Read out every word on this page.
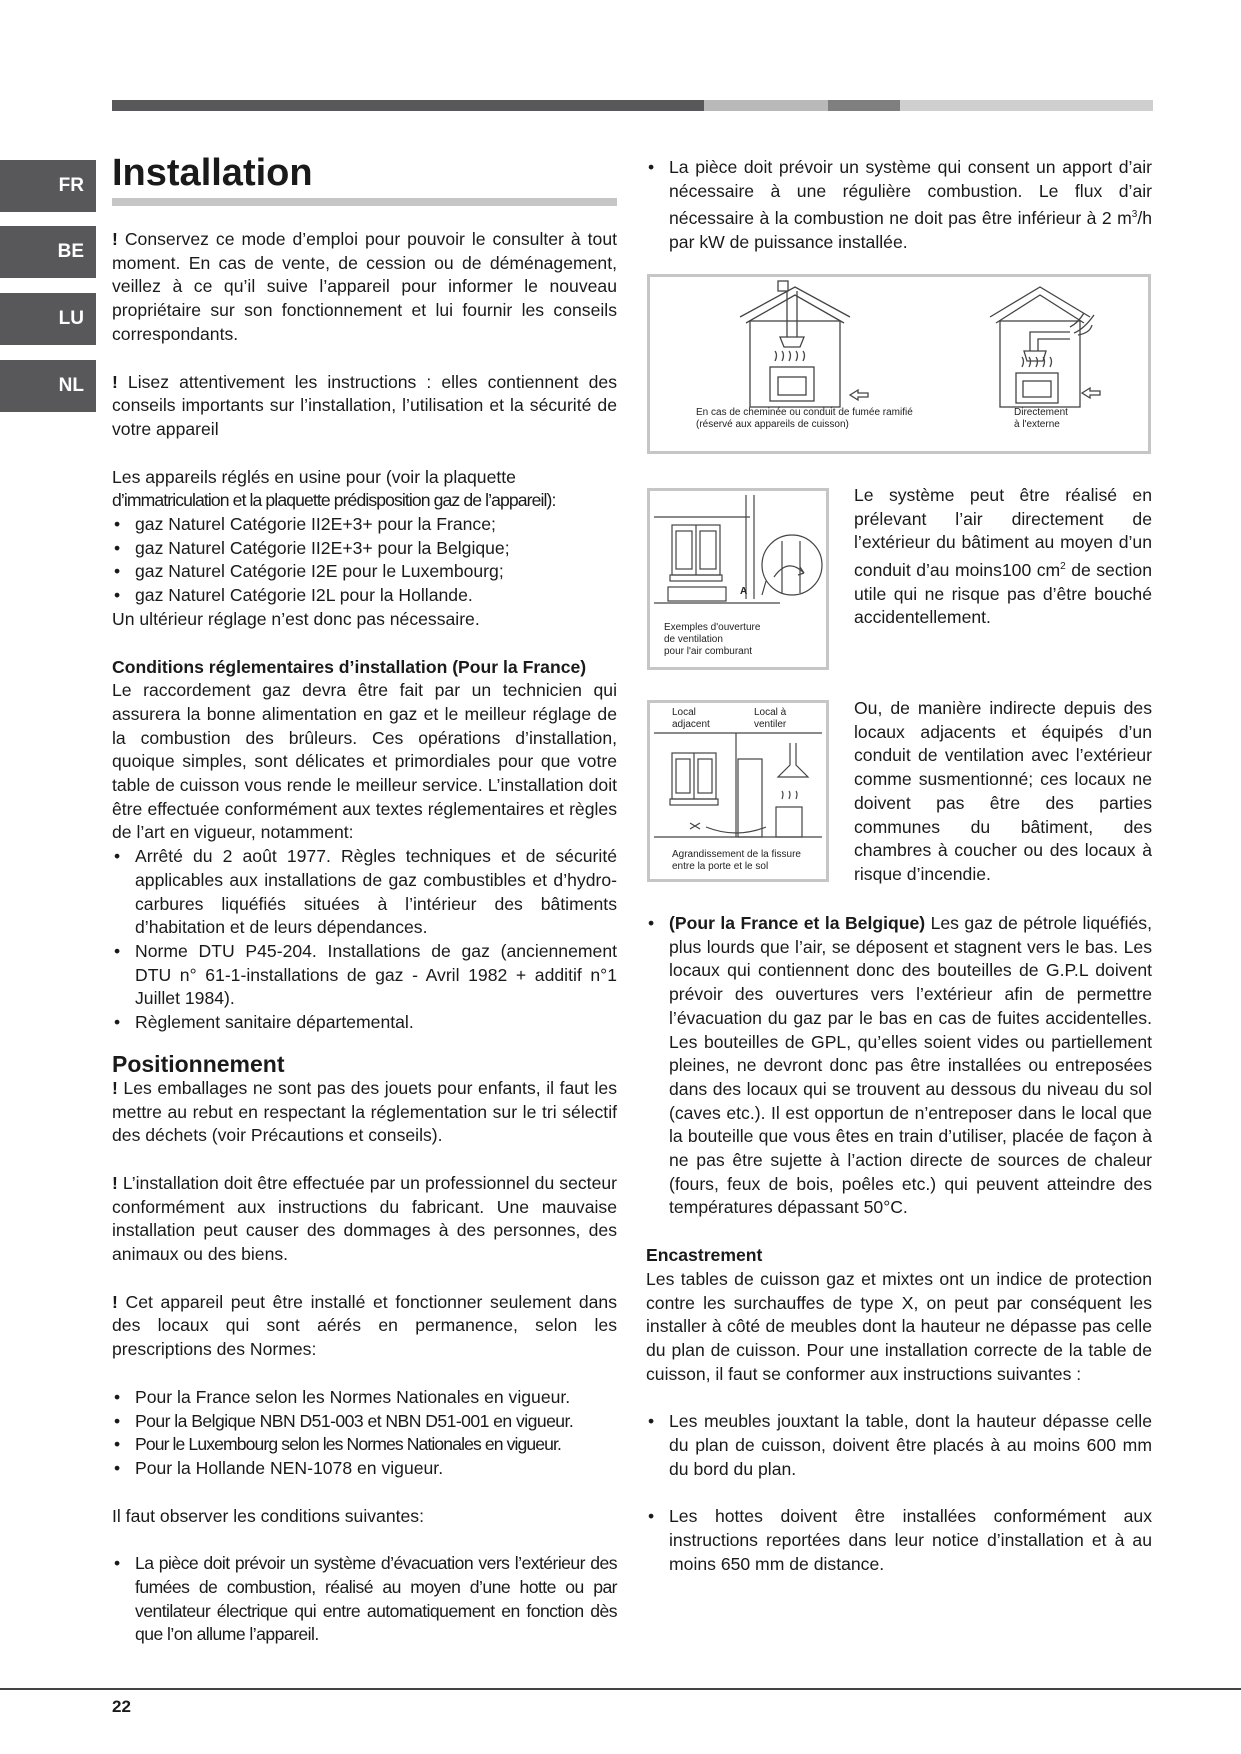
FR
BE
LU
NL
Installation

! Conservez ce mode d’emploi pour pouvoir le consulter à tout moment. En cas de vente, de cession ou de déménagement, veillez à ce qu’il suive l’appareil pour informer le nouveau propriétaire sur son fonctionnement et lui fournir les conseils correspondants.

! Lisez attentivement les instructions : elles contiennent des conseils importants sur l’installation, l’utilisation et la sécurité de votre appareil

Les appareils réglés en usine pour (voir la plaquette

d’immatriculation et la plaquette prédisposition gaz de l’appareil):

• gaz Naturel Catégorie II2E+3+ pour la France;
• gaz Naturel Catégorie II2E+3+ pour la Belgique;
• gaz Naturel Catégorie I2E pour le Luxembourg;
• gaz Naturel Catégorie I2L pour la Hollande.

Un ultérieur réglage n’est donc pas nécessaire.

Conditions réglementaires d’installation (Pour la France)

Le raccordement gaz devra être fait par un technicien qui assurera la bonne alimentation en gaz et le meilleur réglage de la combustion des brûleurs. Ces opérations d’installation, quoique simples, sont délicates et primordiales pour que votre table de cuisson vous rende le meilleur service. L’installation doit être effectuée conformément aux textes réglementaires et règles de l’art en vigueur, notamment:

• Arrêté du 2 août 1977. Règles techniques et de sécurité applicables aux installations de gaz combustibles et d’hydro-carbures liquéfiés situées à l’intérieur des bâtiments d’habitation et de leurs dépendances.
• Norme DTU P45-204. Installations de gaz (anciennement DTU n° 61-1-installations de gaz - Avril 1982 + additif n°1 Juillet 1984).
• Règlement sanitaire départemental.
Positionnement

! Les emballages ne sont pas des jouets pour enfants, il faut les mettre au rebut en respectant la réglementation sur le tri sélectif des déchets (voir Précautions et conseils).

! L’installation doit être effectuée par un professionnel du secteur conformément aux instructions du fabricant. Une mauvaise installation peut causer des dommages à des personnes, des animaux ou des biens.

! Cet appareil peut être installé et fonctionner seulement dans des locaux qui sont aérés en permanence, selon les prescriptions des Normes:

• Pour la France selon les Normes Nationales en vigueur.
• Pour la Belgique NBN D51-003 et NBN D51-001 en vigueur.
• Pour le Luxembourg selon les Normes Nationales en vigueur.
• Pour la Hollande NEN-1078 en vigueur.

Il faut observer les conditions suivantes:

• La pièce doit prévoir un système d’évacuation vers l’extérieur des fumées de combustion, réalisé au moyen d’une hotte ou par ventilateur électrique qui entre automatiquement en fonction dès que l’on allume l’appareil.
• La pièce doit prévoir un système qui consent un apport d’air nécessaire à une régulière combustion. Le flux d’air nécessaire à la combustion ne doit pas être inférieur à 2 $m^3/h$ par kW de puissance installée.
En cas de cheminée ou conduit de fumée ramifié
(réservé aux appareils de cuisson)
Directement
à l'externe
A
Exemples d'ouverture
de ventilation
pour l'air comburant
Le système peut être réalisé en prélevant l’air directement de l’extérieur du bâtiment au moyen d’un conduit d’au moins100 $cm^2$ de section utile qui ne risque pas d’être bouché accidentellement.
Local
adjacent
Local à
ventiler
Agrandissement de la fissure
entre la porte et le sol
Ou, de manière indirecte depuis des locaux adjacents et équipés d’un conduit de ventilation avec l’extérieur comme susmentionné; ces locaux ne doivent pas être des parties communes du bâtiment, des chambres à coucher ou des locaux à risque d’incendie.
• (Pour la France et la Belgique) Les gaz de pétrole liquéfiés, plus lourds que l’air, se déposent et stagnent vers le bas. Les locaux qui contiennent donc des bouteilles de G.P.L doivent prévoir des ouvertures vers l’extérieur afin de permettre l’évacuation du gaz par le bas en cas de fuites accidentelles. Les bouteilles de GPL, qu’elles soient vides ou partiellement pleines, ne devront donc pas être installées ou entreposées dans des locaux qui se trouvent au dessous du niveau du sol (caves etc.). Il est opportun de n’entreposer dans le local que la bouteille que vous êtes en train d’utiliser, placée de façon à ne pas être sujette à l’action directe de sources de chaleur (fours, feux de bois, poêles etc.) qui peuvent atteindre des températures dépassant 50°C.

Encastrement

Les tables de cuisson gaz et mixtes ont un indice de protection contre les surchauffes de type X, on peut par conséquent les installer à côté de meubles dont la hauteur ne dépasse pas celle du plan de cuisson. Pour une installation correcte de la table de cuisson, il faut se conformer aux instructions suivantes :

• Les meubles jouxtant la table, dont la hauteur dépasse celle du plan de cuisson, doivent être placés à au moins 600 mm du bord du plan.
• Les hottes doivent être installées conformément aux instructions reportées dans leur notice d’installation et à au moins 650 mm de distance.
22
